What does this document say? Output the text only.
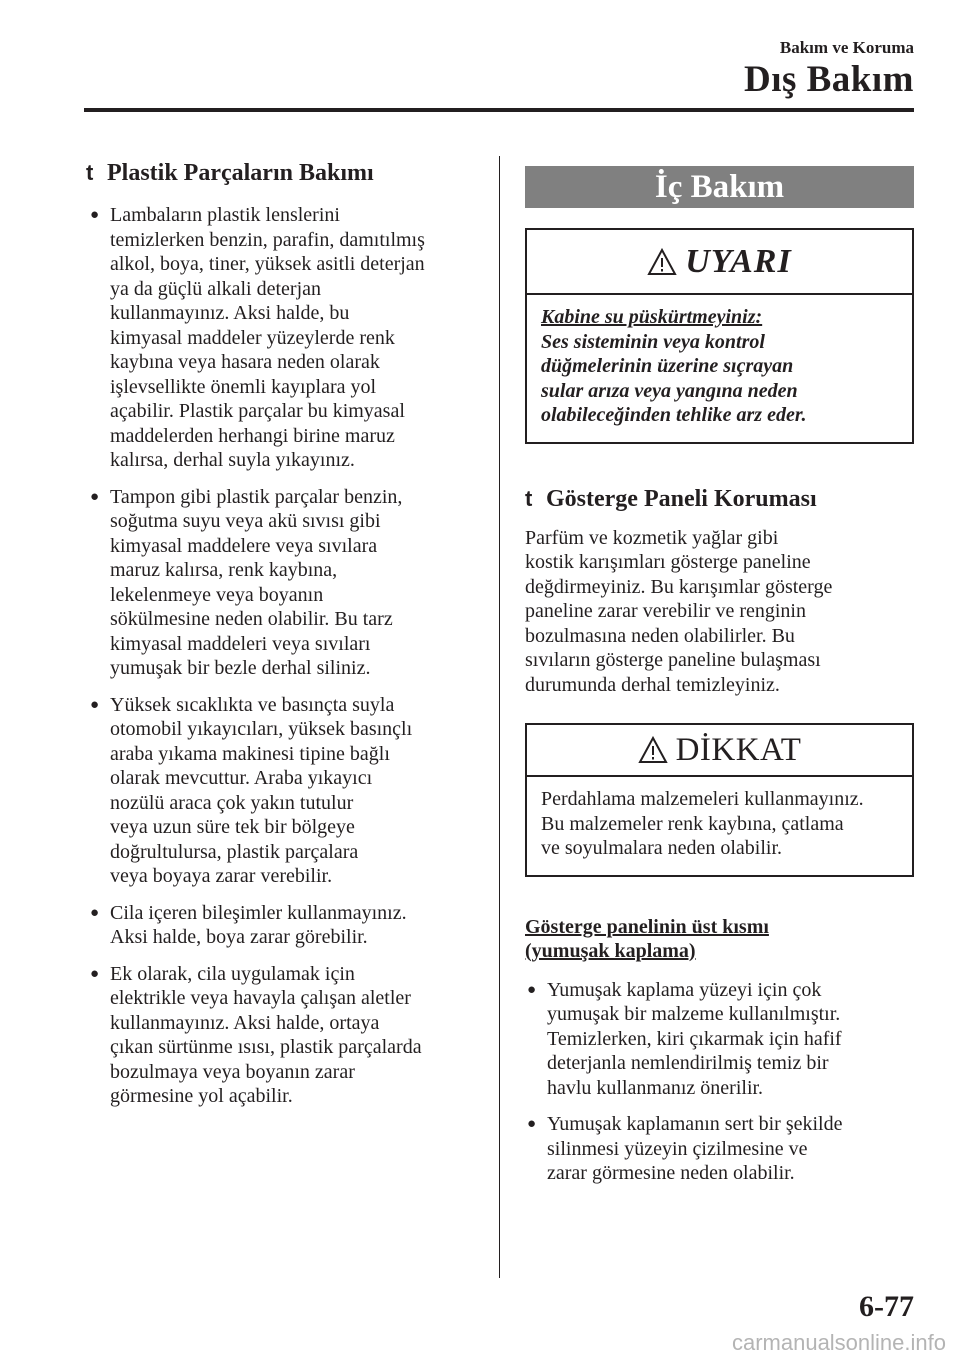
Bakım ve Koruma
Dış Bakım
t Plastik Parçaların Bakımı
● Lambaların plastik lenslerini
temizlerken benzin, parafin, damıtılmış
alkol, boya, tiner, yüksek asitli deterjan
ya da güçlü alkali deterjan
kullanmayınız. Aksi halde, bu
kimyasal maddeler yüzeylerde renk
kaybına veya hasara neden olarak
işlevsellikte önemli kayıplara yol
açabilir. Plastik parçalar bu kimyasal
maddelerden herhangi birine maruz
kalırsa, derhal suyla yıkayınız.
● Tampon gibi plastik parçalar benzin,
soğutma suyu veya akü sıvısı gibi
kimyasal maddelere veya sıvılara
maruz kalırsa, renk kaybına,
lekelenmeye veya boyanın
sökülmesine neden olabilir. Bu tarz
kimyasal maddeleri veya sıvıları
yumuşak bir bezle derhal siliniz.
● Yüksek sıcaklıkta ve basınçta suyla
otomobil yıkayıcıları, yüksek basınçlı
araba yıkama makinesi tipine bağlı
olarak mevcuttur. Araba yıkayıcı
nozülü araca çok yakın tutulur
veya uzun süre tek bir bölgeye
doğrultulursa, plastik parçalara
veya boyaya zarar verebilir.
● Cila içeren bileşimler kullanmayınız.
Aksi halde, boya zarar görebilir.
● Ek olarak, cila uygulamak için
elektrikle veya havayla çalışan aletler
kullanmayınız. Aksi halde, ortaya
çıkan sürtünme ısısı, plastik parçalarda
bozulmaya veya boyanın zarar
görmesine yol açabilir.
İç Bakım
UYARI
Kabine su püskürtmeyiniz:
Ses sisteminin veya kontrol
düğmelerinin üzerine sıçrayan
sular arıza veya yangına neden
olabileceğinden tehlike arz eder.
t Gösterge Paneli Koruması
Parfüm ve kozmetik yağlar gibi
kostik karışımları gösterge paneline
değdirmeyiniz. Bu karışımlar gösterge
paneline zarar verebilir ve renginin
bozulmasına neden olabilirler. Bu
sıvıların gösterge paneline bulaşması
durumunda derhal temizleyiniz.
DİKKAT
Perdahlama malzemeleri kullanmayınız.
Bu malzemeler renk kaybına, çatlama
ve soyulmalara neden olabilir.
Gösterge panelinin üst kısmı
(yumuşak kaplama)
● Yumuşak kaplama yüzeyi için çok
yumuşak bir malzeme kullanılmıştır.
Temizlerken, kiri çıkarmak için hafif
deterjanla nemlendirilmiş temiz bir
havlu kullanmanız önerilir.
● Yumuşak kaplamanın sert bir şekilde
silinmesi yüzeyin çizilmesine ve
zarar görmesine neden olabilir.
6-77
carmanualsonline.info
